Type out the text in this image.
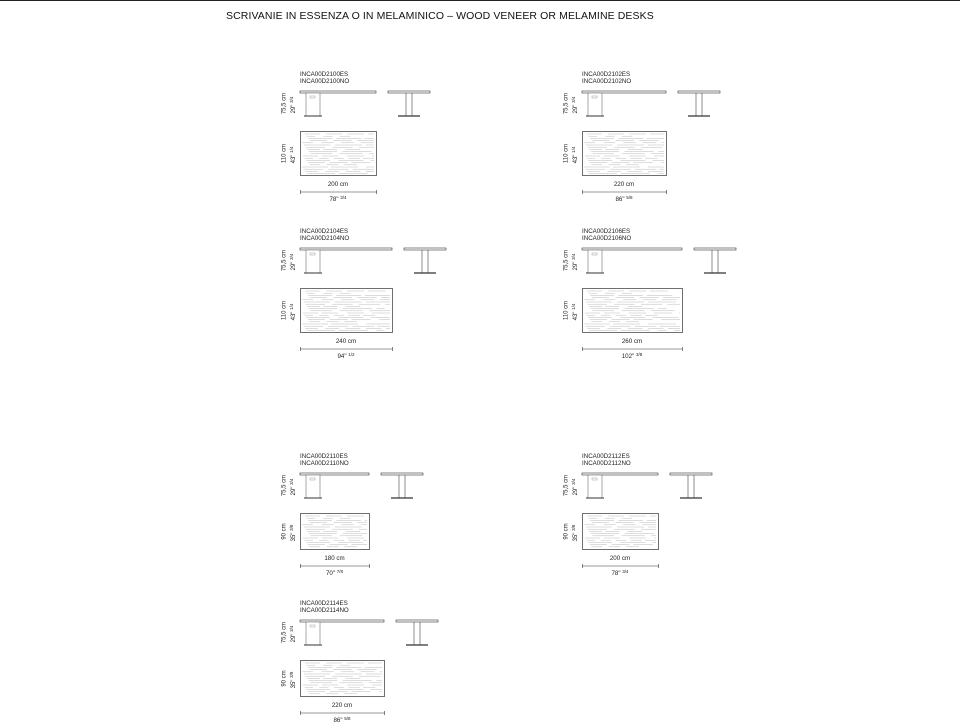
SCRIVANIE IN ESSENZA O IN MELAMINICO – WOOD VENEER OR MELAMINE DESKS
INCA00D2100ES
INCA00D2100NO
75,5 cm 29" $^{3/4}$
110 cm 43" $^{1/4}$
200 cm
78" $^{3/4}$
INCA00D2102ES
INCA00D2102NO
75,5 cm 29" $^{3/4}$
110 cm 43" $^{1/4}$
220 cm
86" $^{5/8}$
INCA00D2104ES
INCA00D2104NO
75,5 cm 29" $^{3/4}$
110 cm 43" $^{1/4}$
240 cm
94" $^{1/2}$
INCA00D2106ES
INCA00D2106NO
75,5 cm 29" $^{3/4}$
110 cm 43" $^{1/4}$
260 cm
102" $^{3/8}$
INCA00D2110ES
INCA00D2110NO
75,5 cm 29" $^{3/4}$
90 cm 35" $^{3/8}$
180 cm
70" $^{7/8}$
INCA00D2112ES
INCA00D2112NO
75,5 cm 29" $^{3/4}$
90 cm 35" $^{3/8}$
200 cm
78" $^{3/4}$
INCA00D2114ES
INCA00D2114NO
75,5 cm 29" $^{3/4}$
90 cm 35" $^{3/8}$
220 cm
86" $^{5/8}$
